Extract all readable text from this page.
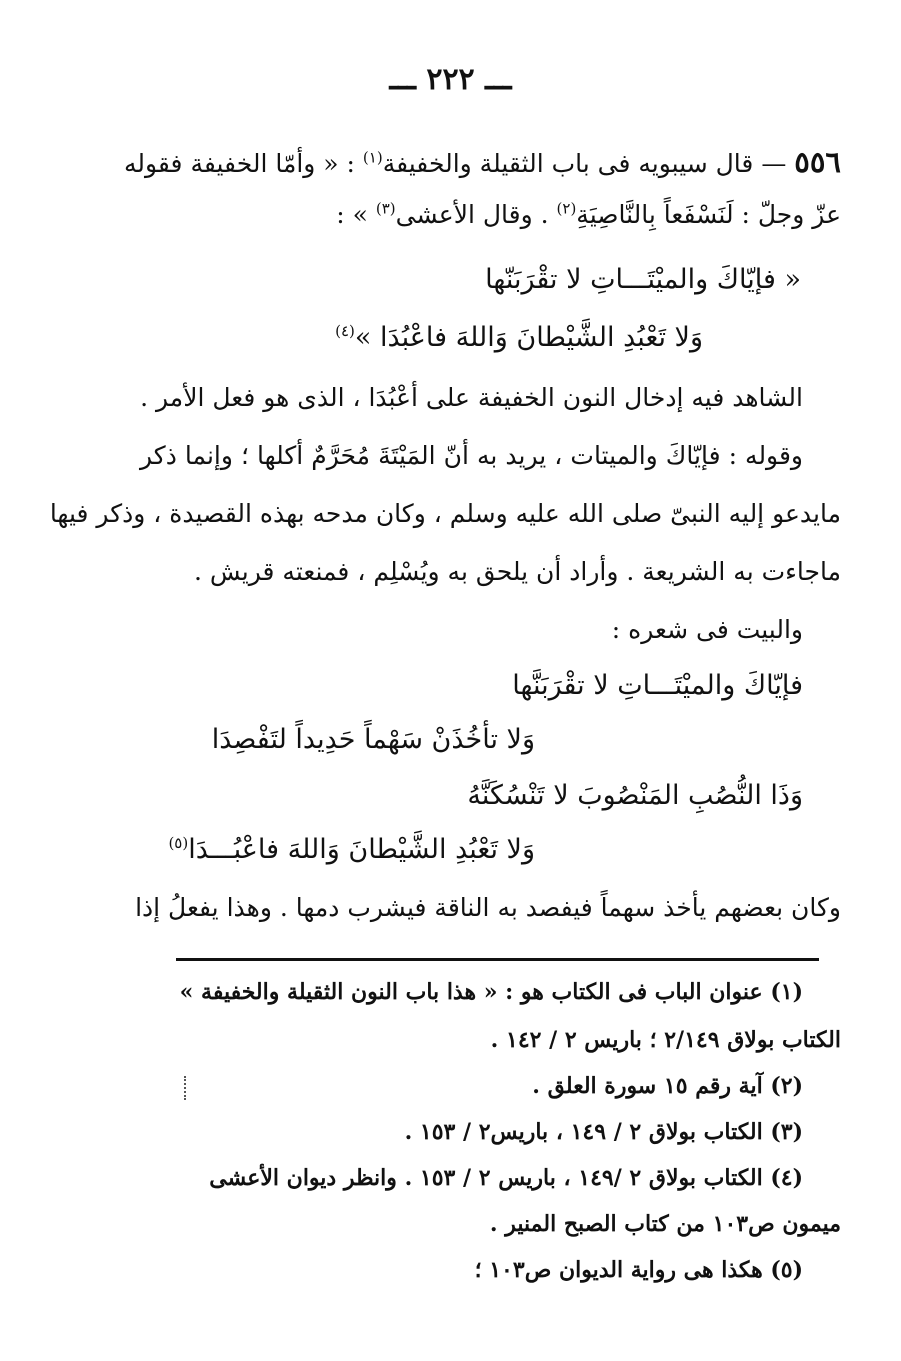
ـــ ٢٢٢ ـــ
٥٥٦ — قال سيبويه فى باب الثقيلة والخفيفة$^{(١)}$ : « وأمّا الخفيفة فقوله
عزّ وجلّ : لَنَسْفَعاً بِالنَّاصِيَةِ$^{(٢)}$ . وقال الأعشى$^{(٣)}$ » :
« فإيّاكَ والميْتَـــاتِ لا تقْرَبَنّها
وَلا تَعْبُدِ الشَّيْطانَ وَاللهَ فاعْبُدَا »$^{(٤)}$
الشاهد فيه إدخال النون الخفيفة على أعْبُدَا ، الذى هو فعل الأمر .
وقوله : فإيّاكَ والميتات ، يريد به أنّ المَيْتَةَ مُحَرَّمٌ أكلها ؛ وإنما ذكر
مايدعو إليه النبىّ صلى الله عليه وسلم ، وكان مدحه بهذه القصيدة ، وذكر فيها
ماجاءت به الشريعة . وأراد أن يلحق به ويُسْلِم ، فمنعته قريش .
والبيت فى شعره :
فإيّاكَ والميْتَـــاتِ لا تقْرَبَنَّها
وَلا تأخُذَنْ سَهْماً حَدِيداً لتَفْصِدَا
وَذَا النُّصُبِ المَنْصُوبَ لا تَنْسُكَنَّهُ
وَلا تَعْبُدِ الشَّيْطانَ وَاللهَ فاعْبُـــدَا$^{(٥)}$
وكان بعضهم يأخذ سهماً فيفصد به الناقة فيشرب دمها . وهذا يفعلُ إذا
(١) عنوان الباب فى الكتاب هو : « هذا باب النون الثقيلة والخفيفة »
الكتاب بولاق ٢/١٤٩ ؛ باريس ٢ / ١٤٢ .
(٢) آية رقم ١٥ سورة العلق .
(٣) الكتاب بولاق ٢ / ١٤٩ ، باريس٢ / ١٥٣ .
(٤) الكتاب بولاق ٢ /١٤٩ ، باريس ٢ / ١٥٣ . وانظر ديوان الأعشى
ميمون ص١٠٣ من كتاب الصبح المنير .
(٥) هكذا هى رواية الديوان ص١٠٣ ؛
